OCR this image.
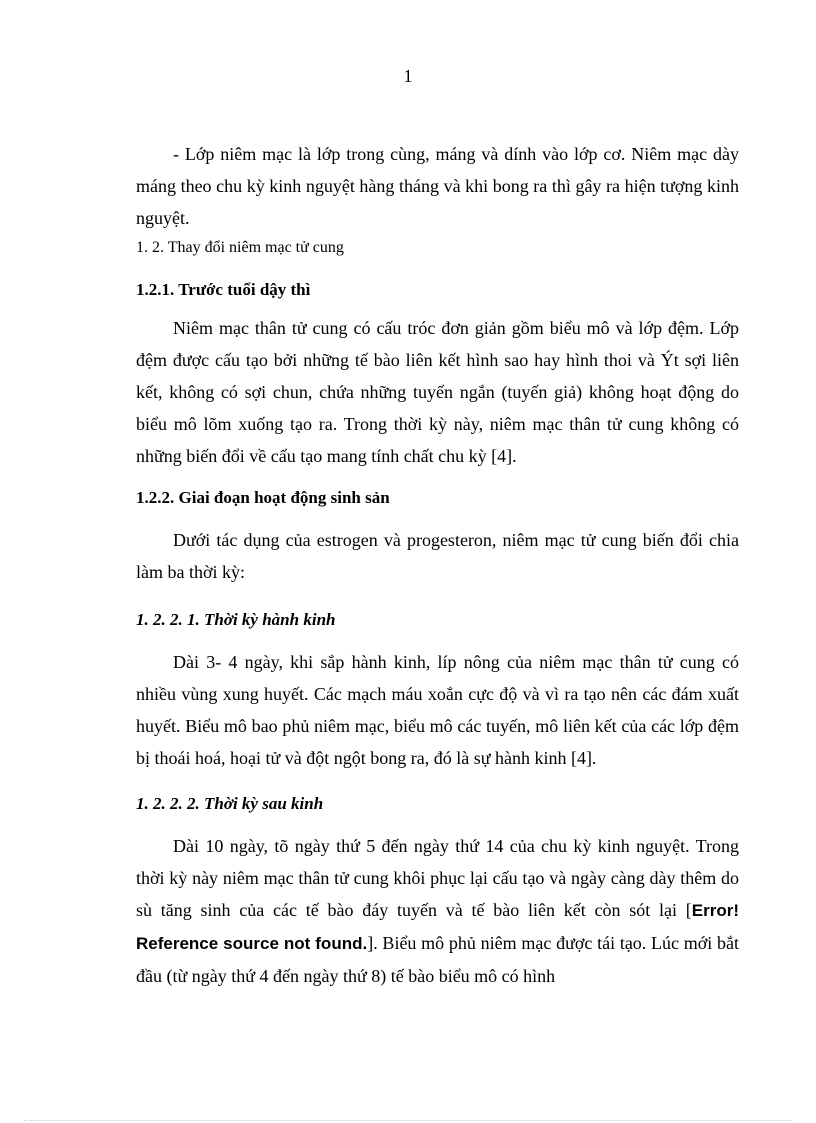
1

- Lớp niêm mạc là lớp trong cùng, máng và dính vào lớp cơ. Niêm mạc dày máng theo chu kỳ kinh nguyệt hàng tháng và khi bong ra thì gây ra hiện tượng kinh nguyệt.

1. 2. Thay đổi niêm mạc tử cung

1.2.1. Trước tuổi dậy thì

Niêm mạc thân tử cung có cấu tróc đơn giản gồm biểu mô và lớp đệm. Lớp đệm được cấu tạo bởi những tế bào liên kết hình sao hay hình thoi và Ýt sợi liên kết, không có sợi chun, chứa những tuyến ngắn (tuyến giả) không hoạt động do biểu mô lõm xuống tạo ra. Trong thời kỳ này, niêm mạc thân tử cung không có những biến đổi về cấu tạo mang tính chất chu kỳ [4].

1.2.2. Giai đoạn hoạt động sinh sản

Dưới tác dụng của estrogen và progesteron, niêm mạc tử cung biến đổi chia làm ba thời kỳ:

1. 2. 2. 1. Thời kỳ hành kinh

Dài 3- 4 ngày, khi sắp hành kinh, líp nông của niêm mạc thân tử cung có nhiều vùng xung huyết. Các mạch máu xoắn cực độ và vì ra tạo nên các đám xuất huyết. Biểu mô bao phủ niêm mạc, biểu mô các tuyến, mô liên kết của các lớp đệm bị thoái hoá, hoại tử và đột ngột bong ra, đó là sự hành kinh [4].

1. 2. 2. 2. Thời kỳ sau kinh

Dài 10 ngày, tõ ngày thứ 5 đến ngày thứ 14 của chu kỳ kinh nguyệt. Trong thời kỳ này niêm mạc thân tử cung khôi phục lại cấu tạo và ngày càng dày thêm do sù tăng sinh của các tế bào đáy tuyến và tế bào liên kết còn sót lại [Error! Reference source not found.]. Biểu mô phủ niêm mạc được tái tạo. Lúc mới bắt đầu (từ ngày thứ 4 đến ngày thứ 8) tế bào biểu mô có hình
